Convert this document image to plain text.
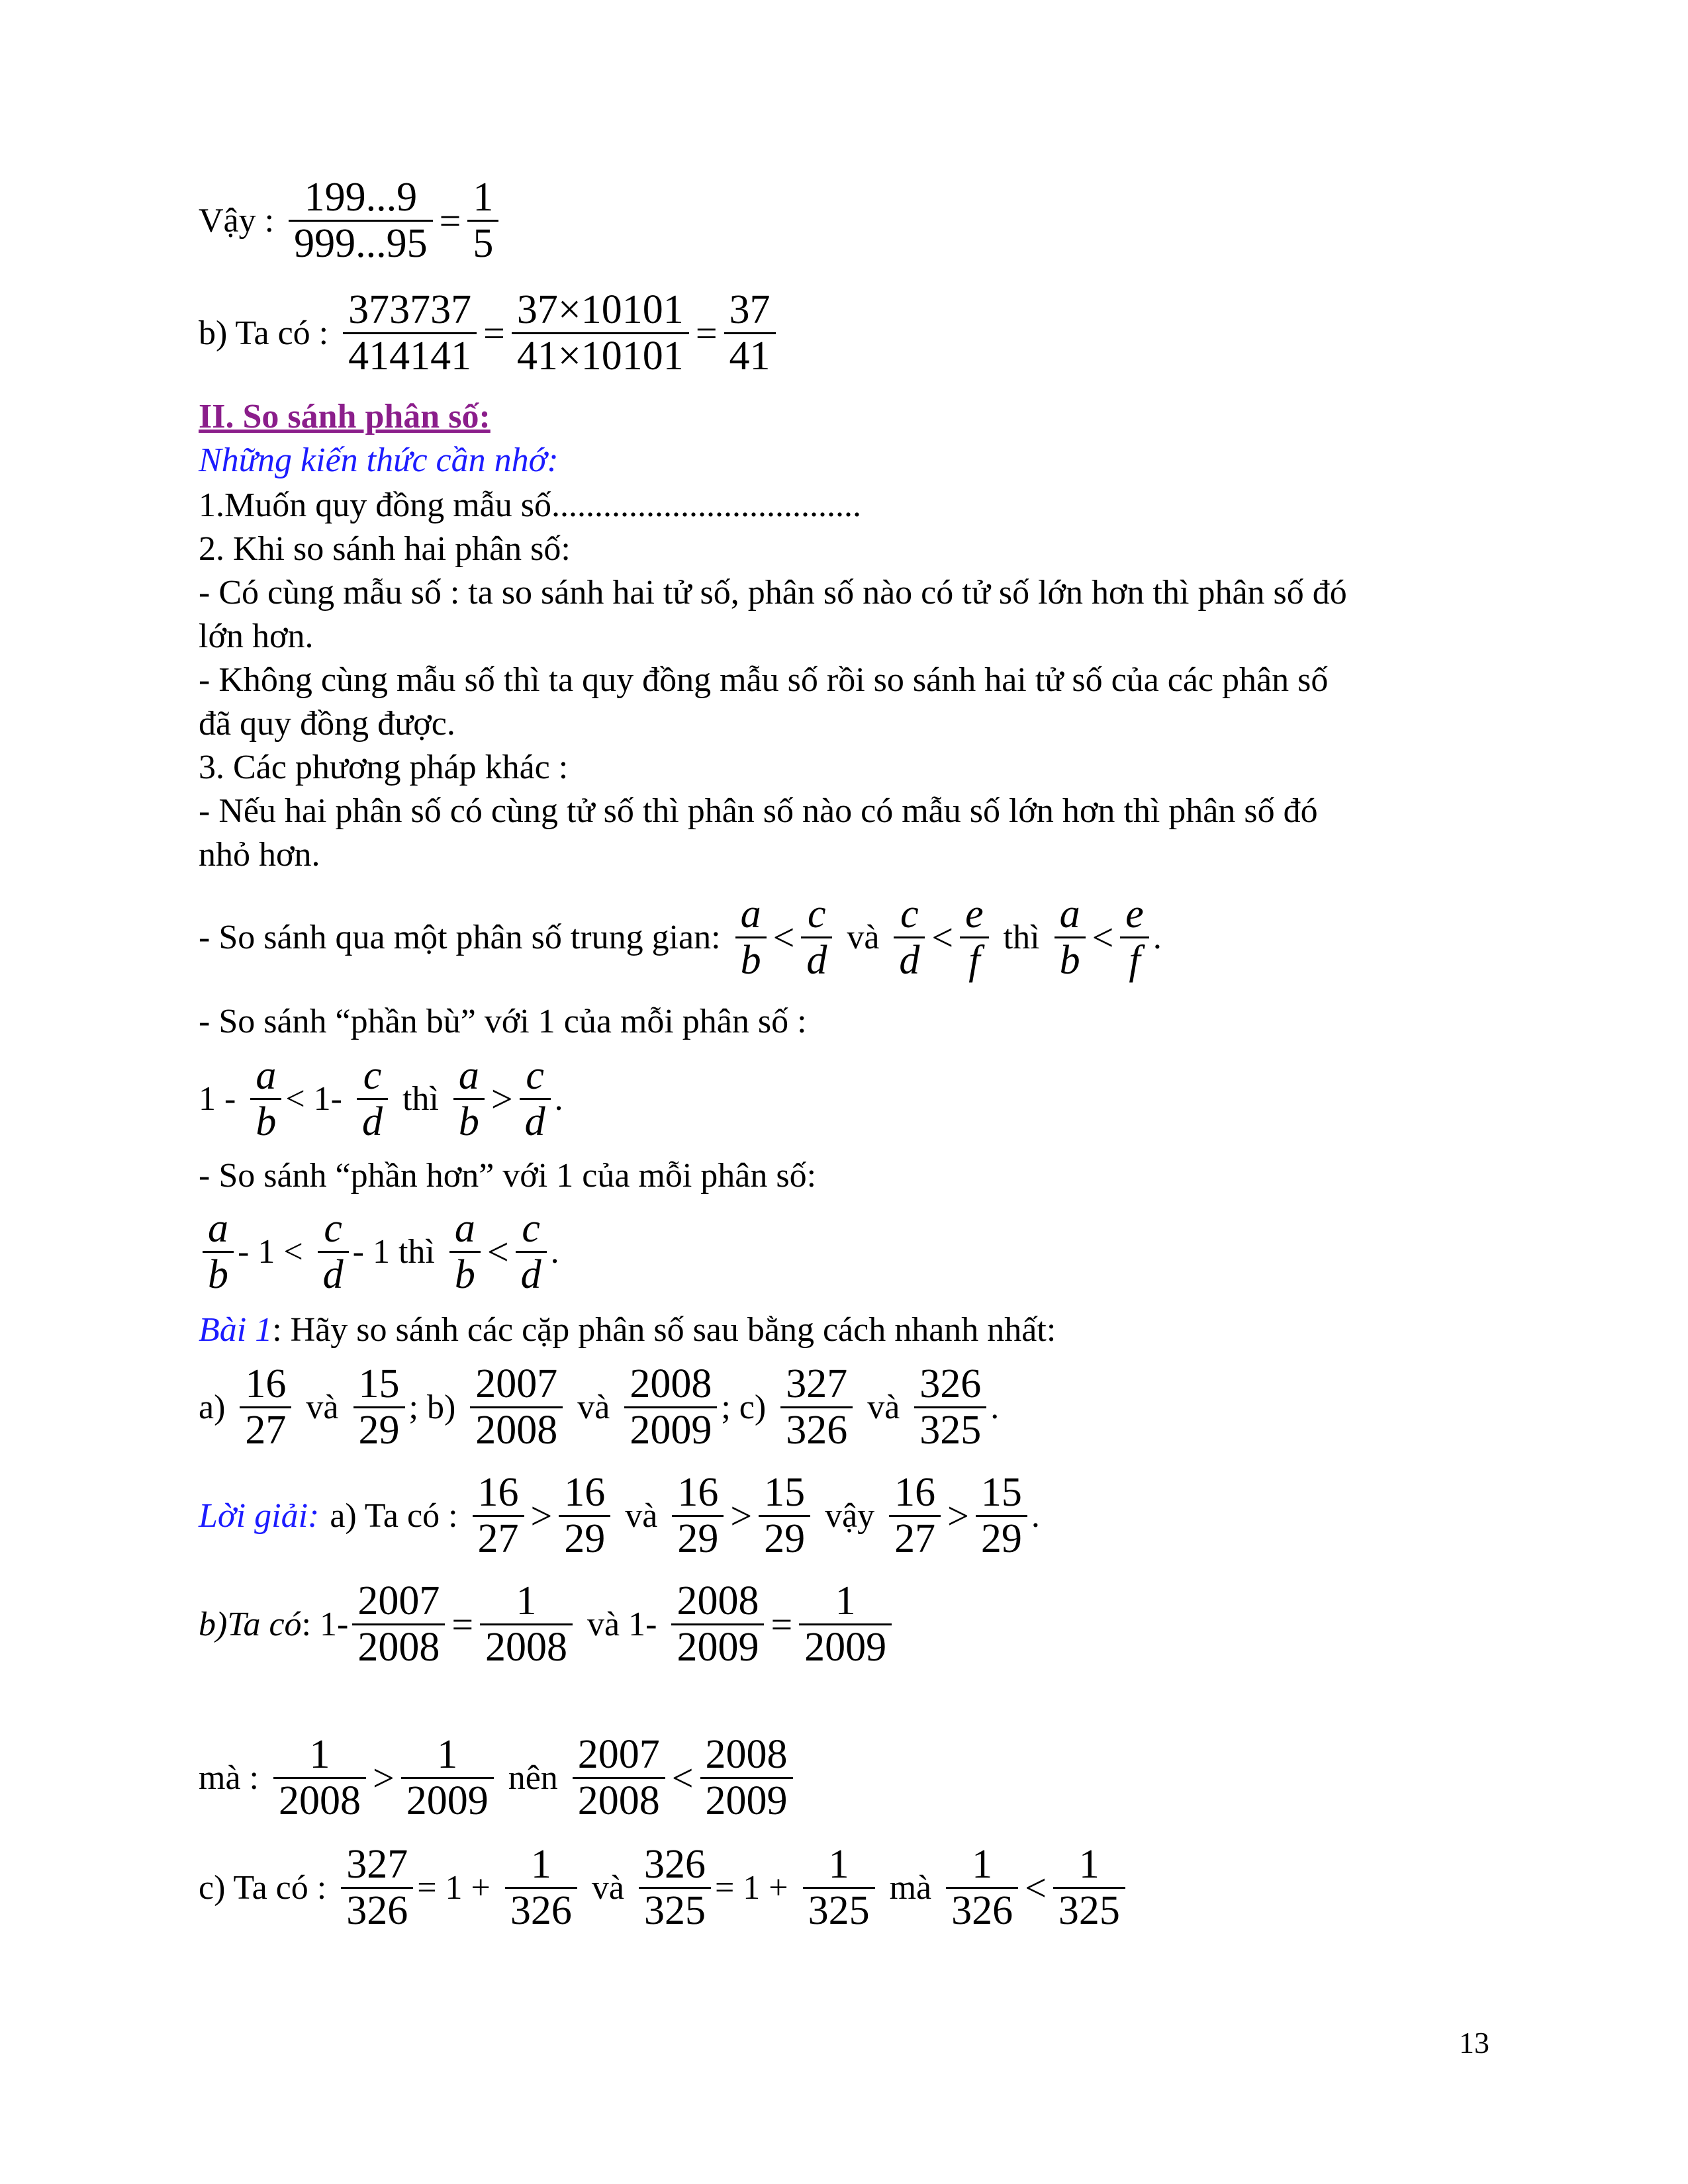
Vậy :
199...9
999...95
=
1
5
b) Ta có :
373737
414141
=
37×10101
41×10101
=
37
41
II. So sánh phân số:
Những kiến thức cần nhớ:
1.Muốn quy đồng mẫu số....................................
2. Khi so sánh hai phân số:
- Có cùng mẫu số : ta so sánh hai tử số, phân số nào có tử số lớn hơn thì phân số đó
lớn hơn.
- Không cùng mẫu số thì ta quy đồng mẫu số rồi so sánh hai tử số của các phân số
đã quy đồng được.
3. Các phương pháp khác :
- Nếu hai phân số có cùng tử số thì phân số nào có mẫu số lớn hơn thì phân số đó
nhỏ hơn.
- So sánh qua một phân số trung gian:
a
b
<
c
d
và
c
d
<
e
f
thì
a
b
<
e
f
.
- So sánh “phần bù” với 1 của mỗi phân số :
1 -
a
b
< 1-
c
d
thì
a
b
>
c
d
.
- So sánh “phần hơn” với 1 của mỗi phân số:
a
b
- 1 <
c
d
- 1 thì
a
b
<
c
d
.
Bài 1: Hãy so sánh các cặp phân số sau bằng cách nhanh nhất:
a)
16
27
và
15
29
; b)
2007
2008
và
2008
2009
; c)
327
326
và
326
325
.
Lời giải: a) Ta có :
16
27
>
16
29
và
16
29
>
15
29
vậy
16
27
>
15
29
.
b)Ta có : 1-
2007
2008
=
1
2008
và 1-
2008
2009
=
1
2009
mà :
1
2008
>
1
2009
nên
2007
2008
<
2008
2009
c) Ta có :
327
326
= 1 +
1
326
và
326
325
= 1 +
1
325
mà
1
326
<
1
325
13
